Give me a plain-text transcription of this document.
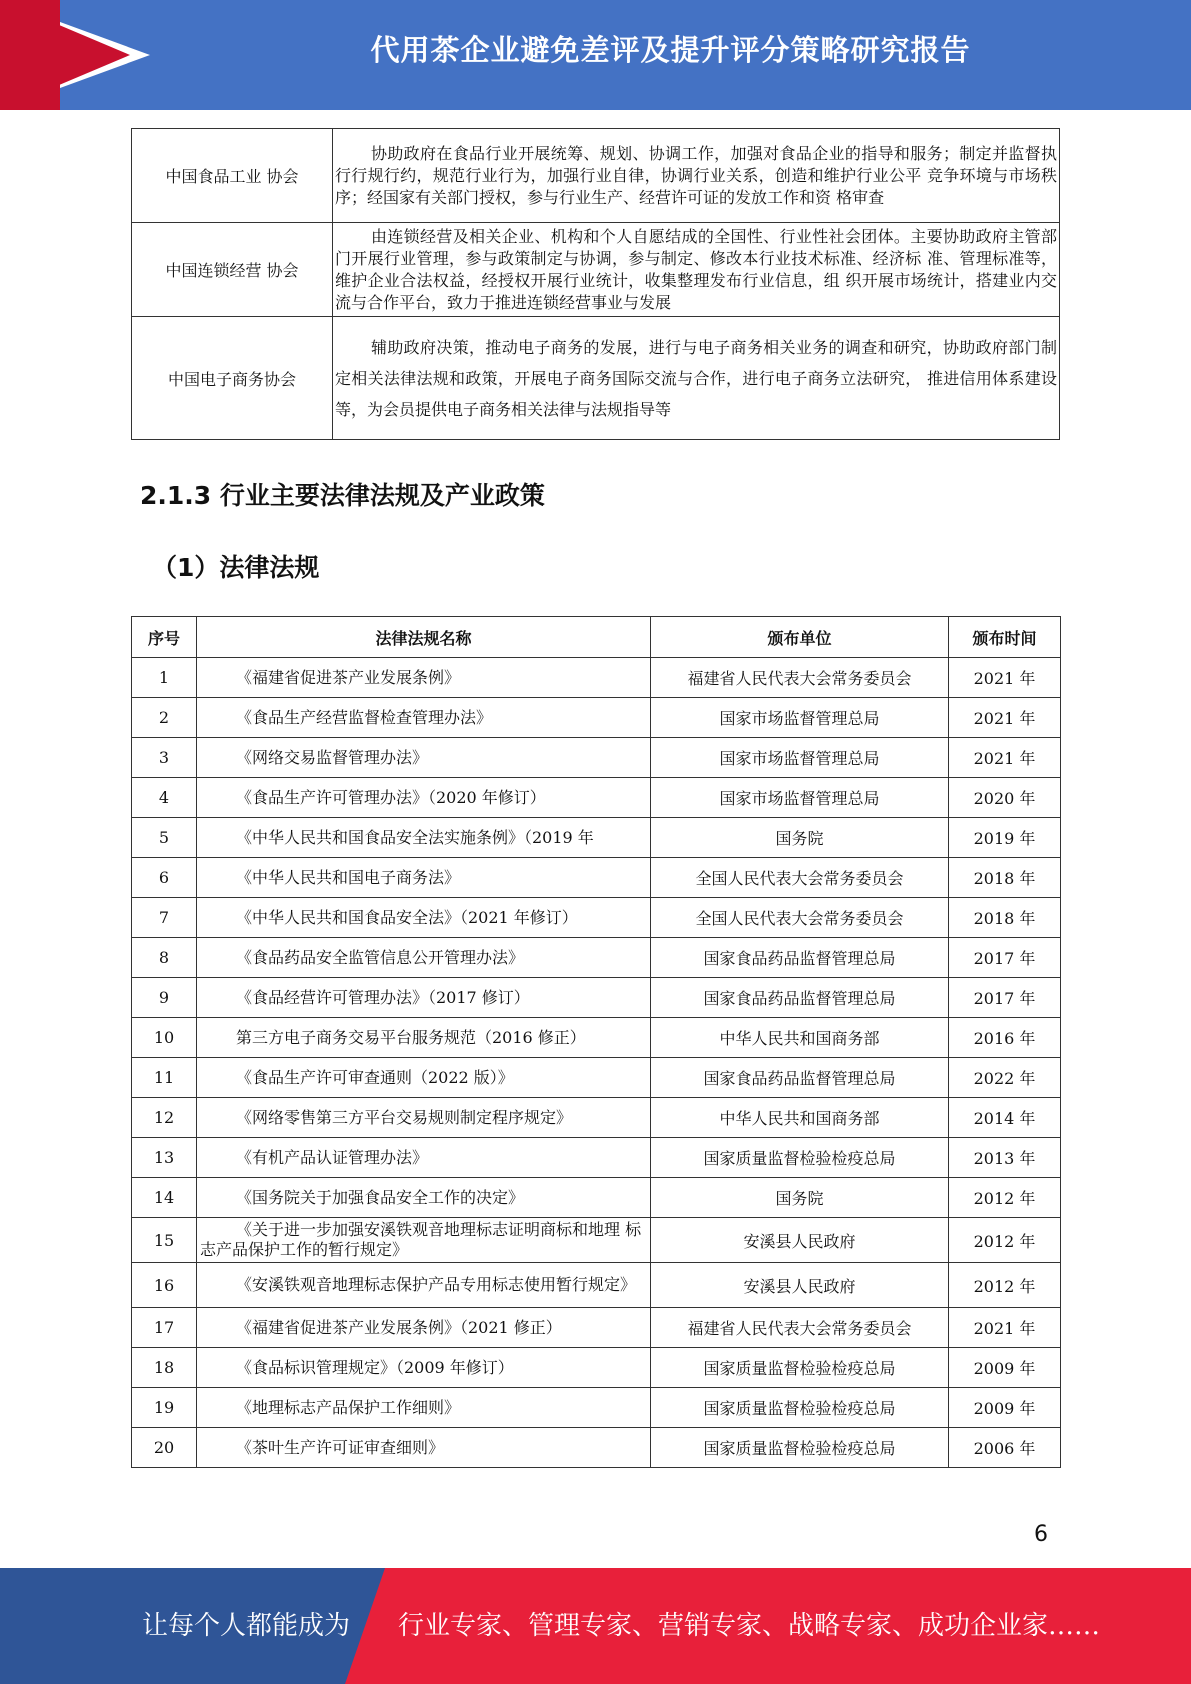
代用茶企业避免差评及提升评分策略研究报告
中国食品工业 协会	协助政府在食品行业开展统筹、规划、协调工作，加强对食品企业的指导和服务；制定并监督执行行规行约，规范行业行为，加强行业自律，协调行业关系，创造和维护行业公平 竞争环境与市场秩序；经国家有关部门授权，参与行业生产、经营许可证的发放工作和资 格审查
中国连锁经营 协会	由连锁经营及相关企业、机构和个人自愿结成的全国性、行业性社会团体。主要协助政府主管部门开展行业管理，参与政策制定与协调，参与制定、修改本行业技术标准、经济标 准、管理标准等，维护企业合法权益，经授权开展行业统计，收集整理发布行业信息，组 织开展市场统计，搭建业内交流与合作平台，致力于推进连锁经营事业与发展
中国电子商务协会	辅助政府决策，推动电子商务的发展，进行与电子商务相关业务的调查和研究，协助政府部门制定相关法律法规和政策，开展电子商务国际交流与合作，进行电子商务立法研究， 推进信用体系建设等，为会员提供电子商务相关法律与法规指导等
2.1.3 行业主要法律法规及产业政策
（1）法律法规
序号	法律法规名称	颁布单位	颁布时间
1	《福建省促进茶产业发展条例》	福建省人民代表大会常务委员会	2021 年
2	《食品生产经营监督检查管理办法》	国家市场监督管理总局	2021 年
3	《网络交易监督管理办法》	国家市场监督管理总局	2021 年
4	《食品生产许可管理办法》（2020 年修订）	国家市场监督管理总局	2020 年
5	《中华人民共和国食品安全法实施条例》（2019 年	国务院	2019 年
6	《中华人民共和国电子商务法》	全国人民代表大会常务委员会	2018 年
7	《中华人民共和国食品安全法》（2021 年修订）	全国人民代表大会常务委员会	2018 年
8	《食品药品安全监管信息公开管理办法》	国家食品药品监督管理总局	2017 年
9	《食品经营许可管理办法》（2017 修订）	国家食品药品监督管理总局	2017 年
10	第三方电子商务交易平台服务规范（2016 修正）	中华人民共和国商务部	2016 年
11	《食品生产许可审查通则（2022 版）》	国家食品药品监督管理总局	2022 年
12	《网络零售第三方平台交易规则制定程序规定》	中华人民共和国商务部	2014 年
13	《有机产品认证管理办法》	国家质量监督检验检疫总局	2013 年
14	《国务院关于加强食品安全工作的决定》	国务院	2012 年
15	《关于进一步加强安溪铁观音地理标志证明商标和地理 标志产品保护工作的暂行规定》	安溪县人民政府	2012 年
16	《安溪铁观音地理标志保护产品专用标志使用暂行规定》	安溪县人民政府	2012 年
17	《福建省促进茶产业发展条例》（2021 修正）	福建省人民代表大会常务委员会	2021 年
18	《食品标识管理规定》（2009 年修订）	国家质量监督检验检疫总局	2009 年
19	《地理标志产品保护工作细则》	国家质量监督检验检疫总局	2009 年
20	《茶叶生产许可证审查细则》	国家质量监督检验检疫总局	2006 年
6
让每个人都能成为 行业专家、管理专家、营销专家、战略专家、成功企业家……
